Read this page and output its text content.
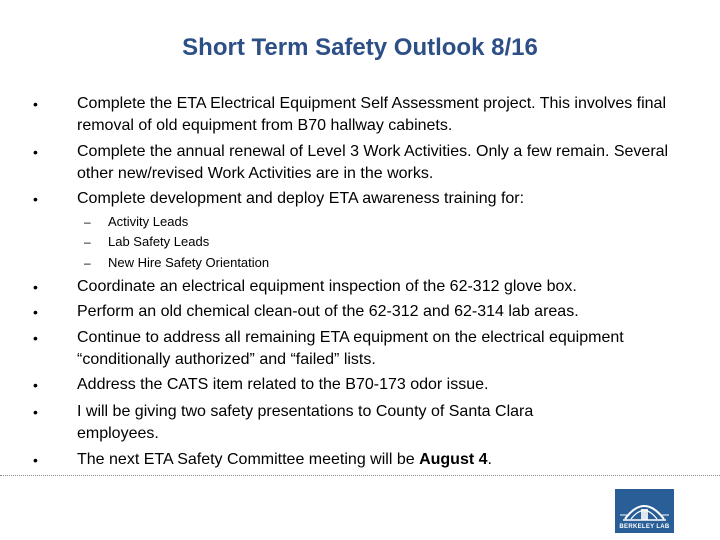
Short Term Safety Outlook 8/16
• Complete the ETA Electrical Equipment Self Assessment project. This involves final removal of old equipment from B70 hallway cabinets.
• Complete the annual renewal of Level 3 Work Activities. Only a few remain. Several other new/revised Work Activities are in the works.
• Complete development and deploy ETA awareness training for:
– Activity Leads
– Lab Safety Leads
– New Hire Safety Orientation
• Coordinate an electrical equipment inspection of the 62-312 glove box.
• Perform an old chemical clean-out of the 62-312 and 62-314 lab areas.
• Continue to address all remaining ETA equipment on the electrical equipment “conditionally authorized” and “failed” lists.
• Address the CATS item related to the B70-173 odor issue.
• I will be giving two safety presentations to County of Santa Clara employees.
• The next ETA Safety Committee meeting will be August 4.
BERKELEY LAB
